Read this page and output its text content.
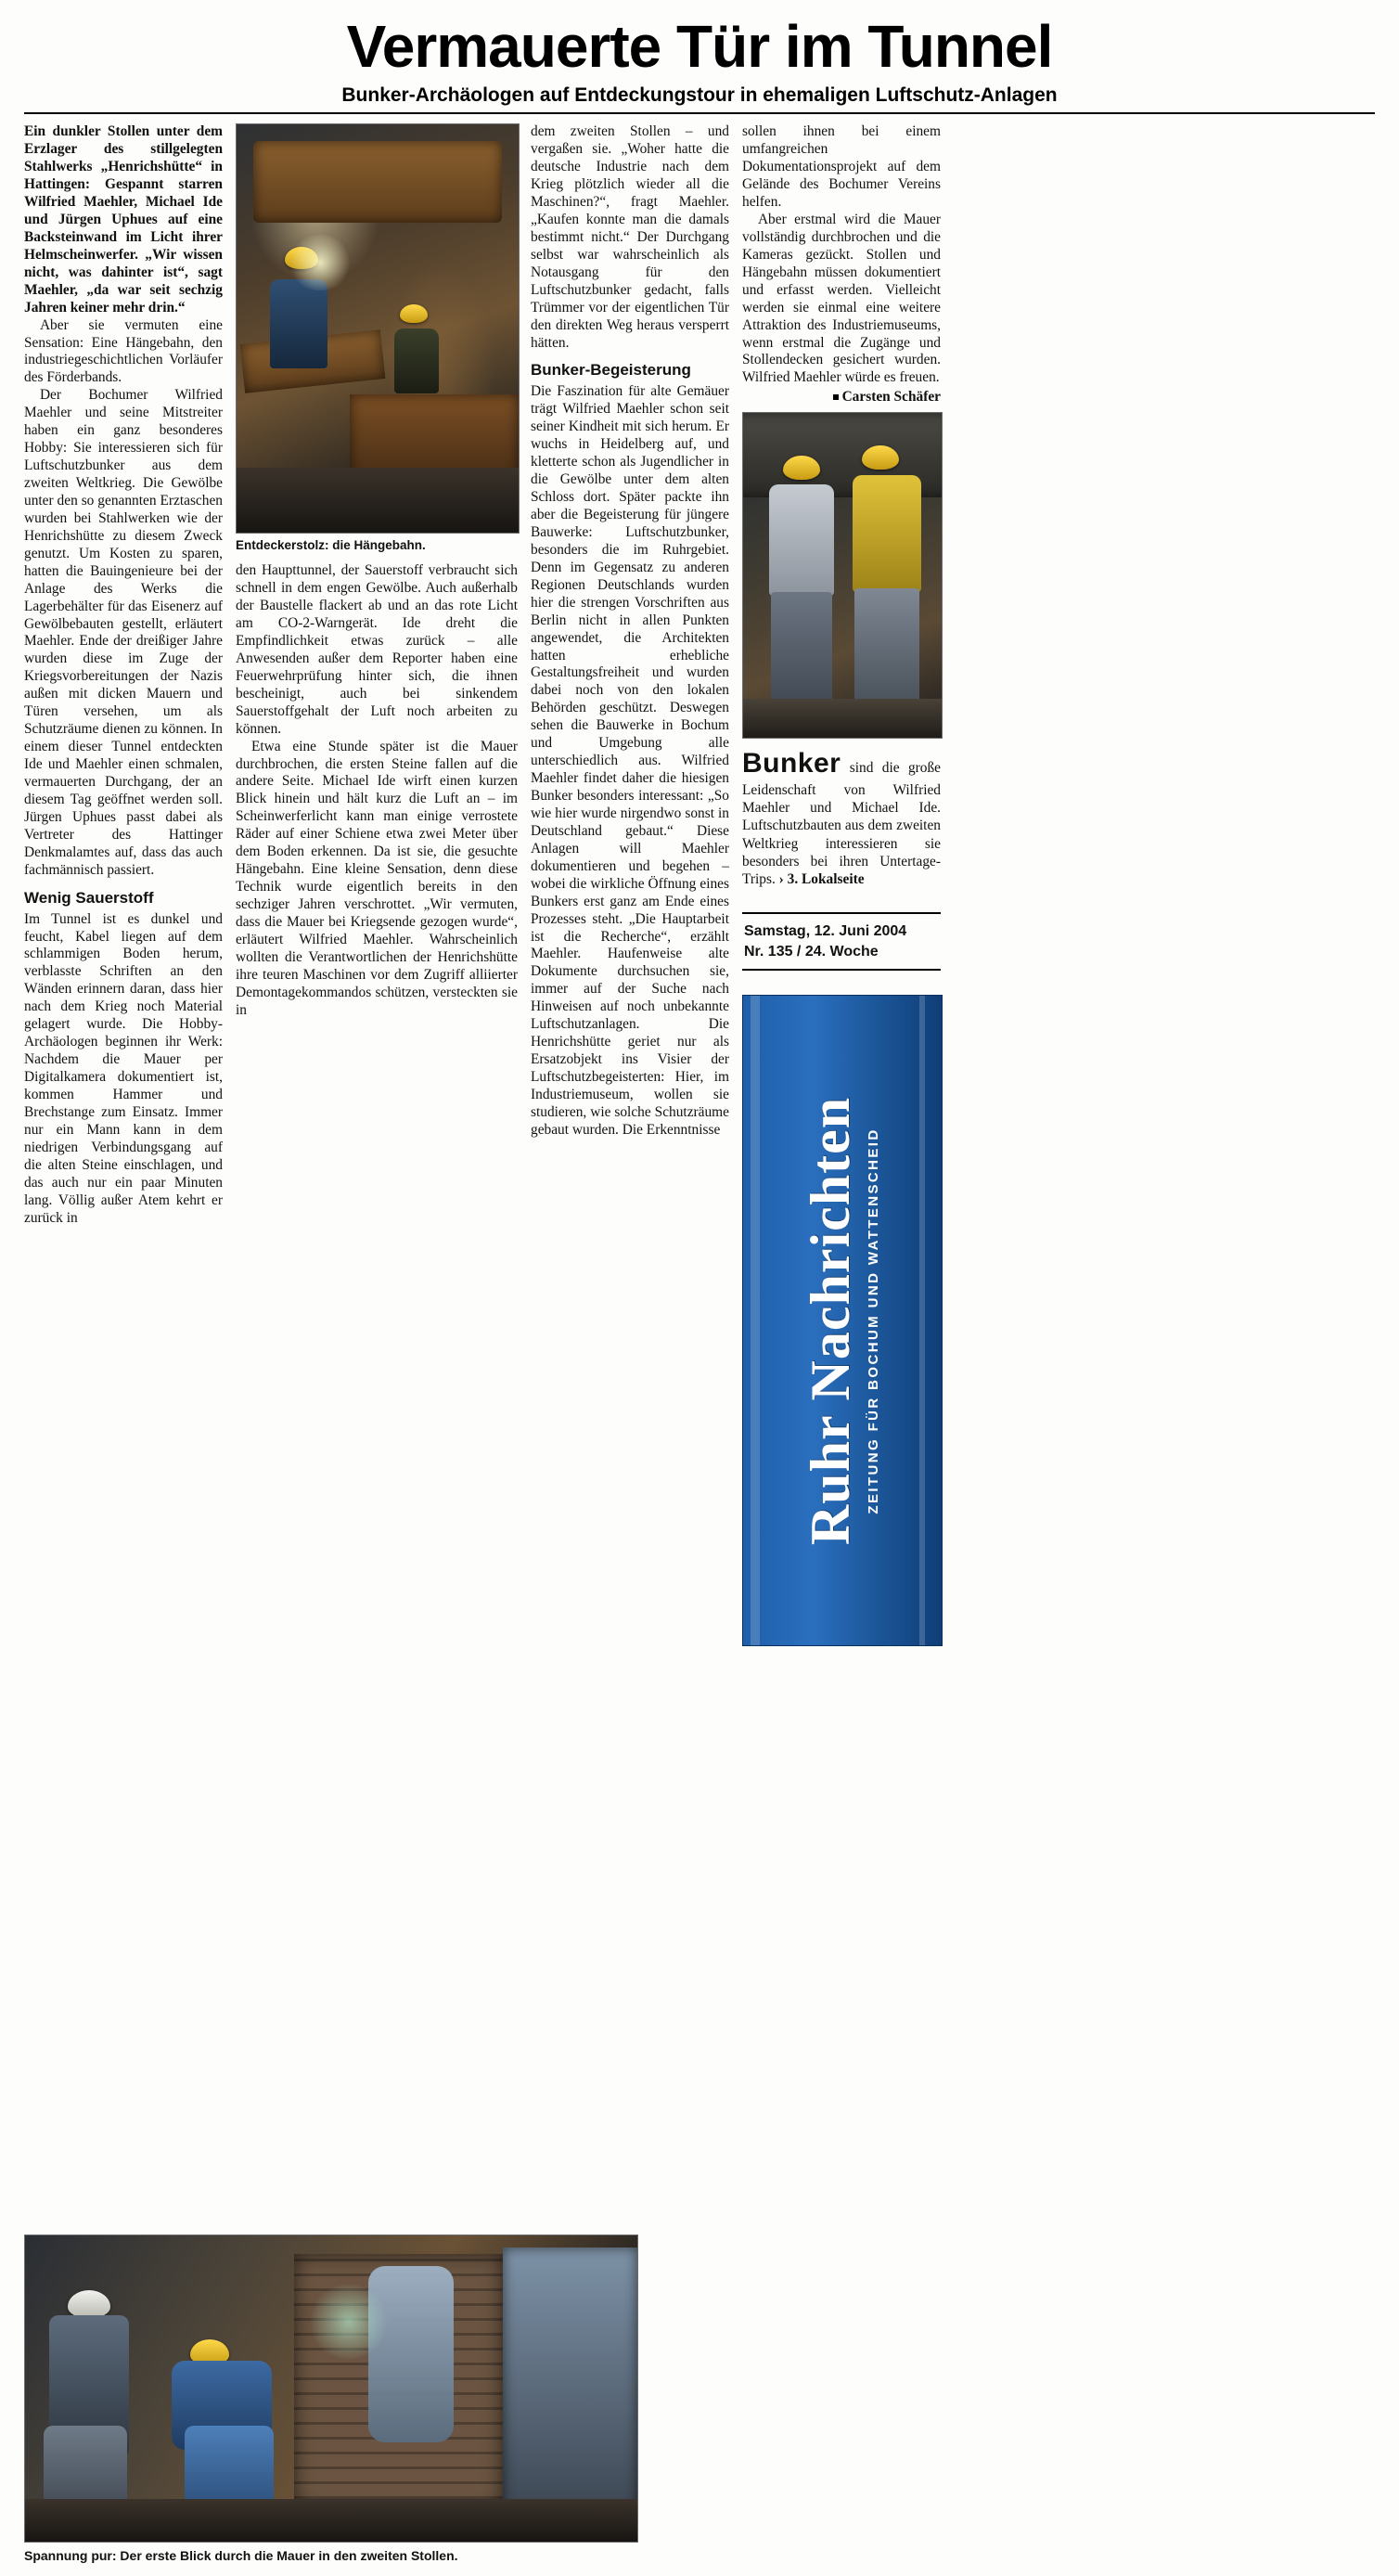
Vermauerte Tür im Tunnel
Bunker-Archäologen auf Entdeckungstour in ehemaligen Luftschutz-Anlagen

Ein dunkler Stollen unter dem Erzlager des stillgelegten Stahlwerks „Henrichshütte“ in Hattingen: Gespannt starren Wilfried Maehler, Michael Ide und Jürgen Uphues auf eine Backsteinwand im Licht ihrer Helmscheinwerfer. „Wir wissen nicht, was dahinter ist“, sagt Maehler, „da war seit sechzig Jahren keiner mehr drin.“

Aber sie vermuten eine Sensation: Eine Hängebahn, den industriegeschichtlichen Vorläufer des Förderbands.

Der Bochumer Wilfried Maehler und seine Mitstreiter haben ein ganz besonderes Hobby: Sie interessieren sich für Luftschutzbunker aus dem zweiten Weltkrieg. Die Gewölbe unter den so genannten Erztaschen wurden bei Stahlwerken wie der Henrichshütte zu diesem Zweck genutzt. Um Kosten zu sparen, hatten die Bauingenieure bei der Anlage des Werks die Lagerbehälter für das Eisenerz auf Gewölbebauten gestellt, erläutert Maehler. Ende der dreißiger Jahre wurden diese im Zuge der Kriegsvorbereitungen der Nazis außen mit dicken Mauern und Türen versehen, um als Schutzräume dienen zu können. In einem dieser Tunnel entdeckten Ide und Maehler einen schmalen, vermauerten Durchgang, der an diesem Tag geöffnet werden soll. Jürgen Uphues passt dabei als Vertreter des Hattinger Denkmalamtes auf, dass das auch fachmännisch passiert.

Wenig Sauerstoff

Im Tunnel ist es dunkel und feucht, Kabel liegen auf dem schlammigen Boden herum, verblasste Schriften an den Wänden erinnern daran, dass hier nach dem Krieg noch Material gelagert wurde. Die Hobby-Archäologen beginnen ihr Werk: Nachdem die Mauer per Digitalkamera dokumentiert ist, kommen Hammer und Brechstange zum Einsatz. Immer nur ein Mann kann in dem niedrigen Verbindungsgang auf die alten Steine einschlagen, und das auch nur ein paar Minuten lang. Völlig außer Atem kehrt er zurück in

Entdeckerstolz: die Hängebahn.

den Haupttunnel, der Sauerstoff verbraucht sich schnell in dem engen Gewölbe. Auch außerhalb der Baustelle flackert ab und an das rote Licht am CO-2-Warngerät. Ide dreht die Empfindlichkeit etwas zurück – alle Anwesenden außer dem Reporter haben eine Feuerwehrprüfung hinter sich, die ihnen bescheinigt, auch bei sinkendem Sauerstoffgehalt der Luft noch arbeiten zu können.

Etwa eine Stunde später ist die Mauer durchbrochen, die ersten Steine fallen auf die andere Seite. Michael Ide wirft einen kurzen Blick hinein und hält kurz die Luft an – im Scheinwerferlicht kann man einige verrostete Räder auf einer Schiene etwa zwei Meter über dem Boden erkennen. Da ist sie, die gesuchte Hängebahn. Eine kleine Sensation, denn diese Technik wurde eigentlich bereits in den sechziger Jahren verschrottet. „Wir vermuten, dass die Mauer bei Kriegsende gezogen wurde“, erläutert Wilfried Maehler. Wahrscheinlich wollten die Verantwortlichen der Henrichshütte ihre teuren Maschinen vor dem Zugriff alliierter Demontagekommandos schützen, versteckten sie in

dem zweiten Stollen – und vergaßen sie. „Woher hatte die deutsche Industrie nach dem Krieg plötzlich wieder all die Maschinen?“, fragt Maehler. „Kaufen konnte man die damals bestimmt nicht.“ Der Durchgang selbst war wahrscheinlich als Notausgang für den Luftschutzbunker gedacht, falls Trümmer vor der eigentlichen Tür den direkten Weg heraus versperrt hätten.

Bunker-Begeisterung

Die Faszination für alte Gemäuer trägt Wilfried Maehler schon seit seiner Kindheit mit sich herum. Er wuchs in Heidelberg auf, und kletterte schon als Jugendlicher in die Gewölbe unter dem alten Schloss dort. Später packte ihn aber die Begeisterung für jüngere Bauwerke: Luftschutzbunker, besonders die im Ruhrgebiet. Denn im Gegensatz zu anderen Regionen Deutschlands wurden hier die strengen Vorschriften aus Berlin nicht in allen Punkten angewendet, die Architekten hatten erhebliche Gestaltungsfreiheit und wurden dabei noch von den lokalen Behörden geschützt. Deswegen sehen die Bauwerke in Bochum und Umgebung alle unterschiedlich aus. Wilfried Maehler findet daher die hiesigen Bunker besonders interessant: „So wie hier wurde nirgendwo sonst in Deutschland gebaut.“ Diese Anlagen will Maehler dokumentieren und begehen – wobei die wirkliche Öffnung eines Bunkers erst ganz am Ende eines Prozesses steht. „Die Hauptarbeit ist die Recherche“, erzählt Maehler. Haufenweise alte Dokumente durchsuchen sie, immer auf der Suche nach Hinweisen auf noch unbekannte Luftschutzanlagen. Die Henrichshütte geriet nur als Ersatzobjekt ins Visier der Luftschutzbegeisterten: Hier, im Industriemuseum, wollen sie studieren, wie solche Schutzräume gebaut wurden. Die Erkenntnisse

sollen ihnen bei einem umfangreichen Dokumentationsprojekt auf dem Gelände des Bochumer Vereins helfen.

Aber erstmal wird die Mauer vollständig durchbrochen und die Kameras gezückt. Stollen und Hängebahn müssen dokumentiert und erfasst werden. Vielleicht werden sie einmal eine weitere Attraktion des Industriemuseums, wenn erstmal die Zugänge und Stollendecken gesichert wurden. Wilfried Maehler würde es freuen.

Carsten Schäfer

Bunker sind die große Leidenschaft von Wilfried Maehler und Michael Ide. Luftschutzbauten aus dem zweiten Weltkrieg interessieren sie besonders bei ihren Untertage-Trips. › 3. Lokalseite
Samstag, 12. Juni 2004
Nr. 135 / 24. Woche
Ruhr Nachrichten ZEITUNG FÜR BOCHUM UND WATTENSCHEID
Spannung pur: Der erste Blick durch die Mauer in den zweiten Stollen.
